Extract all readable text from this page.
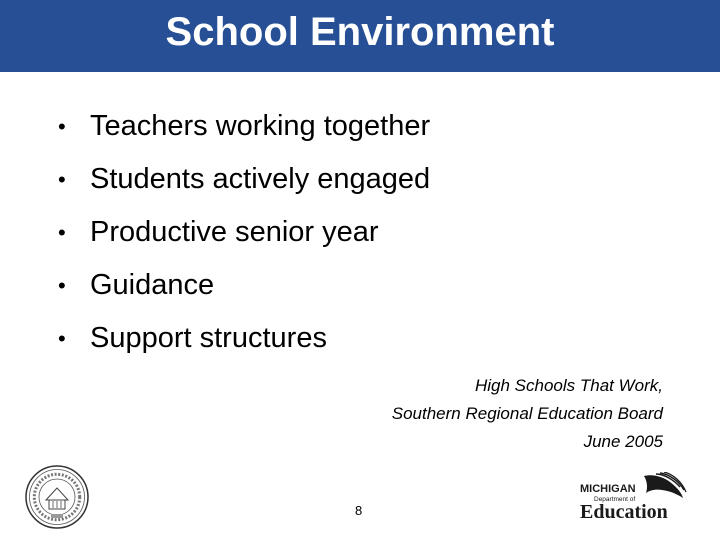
School Environment
• Teachers working together
• Students actively engaged
• Productive senior year
• Guidance
• Support structures
High Schools That Work,
Southern Regional Education Board
June 2005
8
MICHIGAN
Department of
Education
